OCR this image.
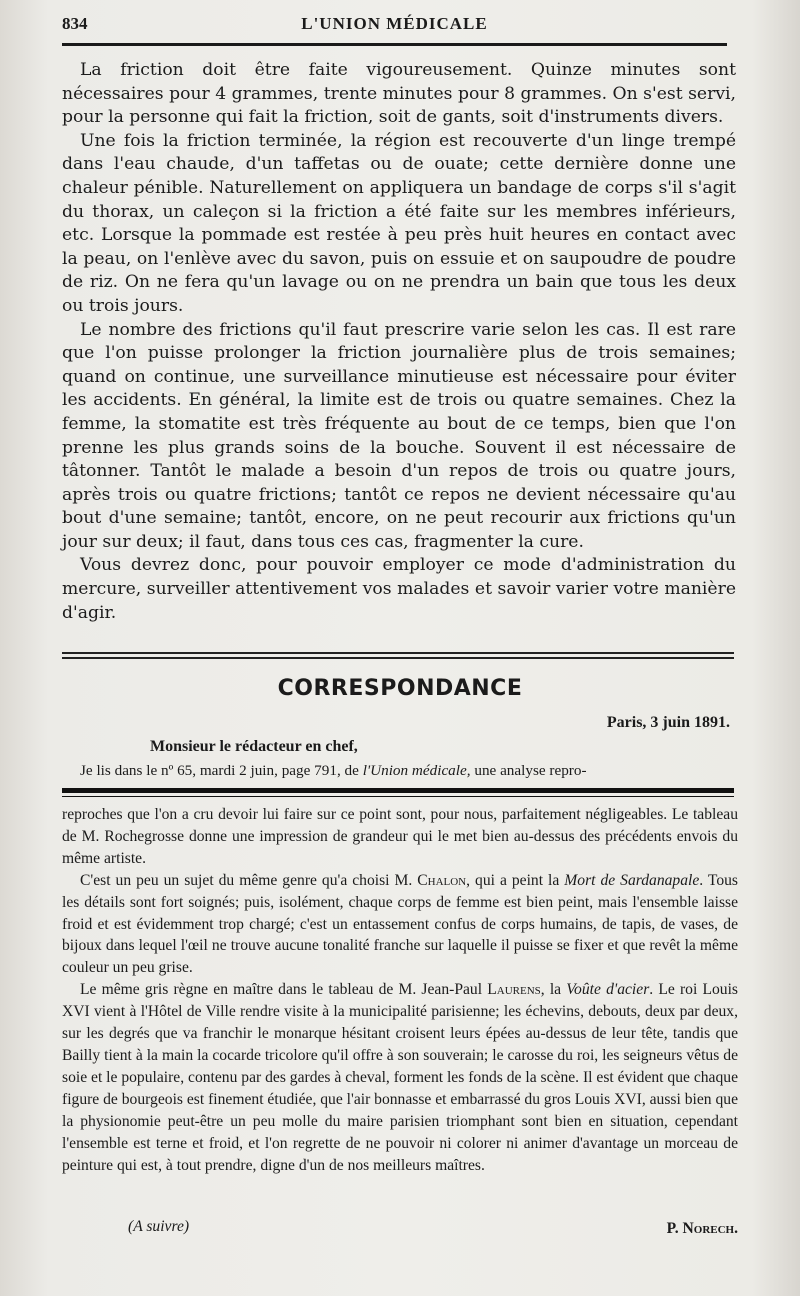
834	L'UNION MÉDICALE

La friction doit être faite vigoureusement. Quinze minutes sont nécessaires pour 4 grammes, trente minutes pour 8 grammes. On s'est servi, pour la personne qui fait la friction, soit de gants, soit d'instruments divers.

Une fois la friction terminée, la région est recouverte d'un linge trempé dans l'eau chaude, d'un taffetas ou de ouate; cette dernière donne une chaleur pénible. Naturellement on appliquera un bandage de corps s'il s'agit du thorax, un caleçon si la friction a été faite sur les membres inférieurs, etc. Lorsque la pommade est restée à peu près huit heures en contact avec la peau, on l'enlève avec du savon, puis on essuie et on saupoudre de poudre de riz. On ne fera qu'un lavage ou on ne prendra un bain que tous les deux ou trois jours.

Le nombre des frictions qu'il faut prescrire varie selon les cas. Il est rare que l'on puisse prolonger la friction journalière plus de trois semaines; quand on continue, une surveillance minutieuse est nécessaire pour éviter les accidents. En général, la limite est de trois ou quatre semaines. Chez la femme, la stomatite est très fréquente au bout de ce temps, bien que l'on prenne les plus grands soins de la bouche. Souvent il est nécessaire de tâtonner. Tantôt le malade a besoin d'un repos de trois ou quatre jours, après trois ou quatre frictions; tantôt ce repos ne devient nécessaire qu'au bout d'une semaine; tantôt, encore, on ne peut recourir aux frictions qu'un jour sur deux; il faut, dans tous ces cas, fragmenter la cure.

Vous devrez donc, pour pouvoir employer ce mode d'administration du mercure, surveiller attentivement vos malades et savoir varier votre manière d'agir.

CORRESPONDANCE
Paris, 3 juin 1891.
Monsieur le rédacteur en chef,
Je lis dans le nº 65, mardi 2 juin, page 791, de l'Union médicale, une analyse repro-

reproches que l'on a cru devoir lui faire sur ce point sont, pour nous, parfaitement négligeables. Le tableau de M. Rochegrosse donne une impression de grandeur qui le met bien au-dessus des précédents envois du même artiste.

C'est un peu un sujet du même genre qu'a choisi M. Chalon, qui a peint la Mort de Sardanapale. Tous les détails sont fort soignés; puis, isolément, chaque corps de femme est bien peint, mais l'ensemble laisse froid et est évidemment trop chargé; c'est un entassement confus de corps humains, de tapis, de vases, de bijoux dans lequel l'œil ne trouve aucune tonalité franche sur laquelle il puisse se fixer et que revêt la même couleur un peu grise.

Le même gris règne en maître dans le tableau de M. Jean-Paul Laurens, la Voûte d'acier. Le roi Louis XVI vient à l'Hôtel de Ville rendre visite à la municipalité parisienne; les échevins, debouts, deux par deux, sur les degrés que va franchir le monarque hésitant croisent leurs épées au-dessus de leur tête, tandis que Bailly tient à la main la cocarde tricolore qu'il offre à son souverain; le carosse du roi, les seigneurs vêtus de soie et le populaire, contenu par des gardes à cheval, forment les fonds de la scène. Il est évident que chaque figure de bourgeois est finement étudiée, que l'air bonnasse et embarrassé du gros Louis XVI, aussi bien que la physionomie peut-être un peu molle du maire parisien triomphant sont bien en situation, cependant l'ensemble est terne et froid, et l'on regrette de ne pouvoir ni colorer ni animer d'avantage un morceau de peinture qui est, à tout prendre, digne d'un de nos meilleurs maîtres.

(A suivre)	P. Norech.
